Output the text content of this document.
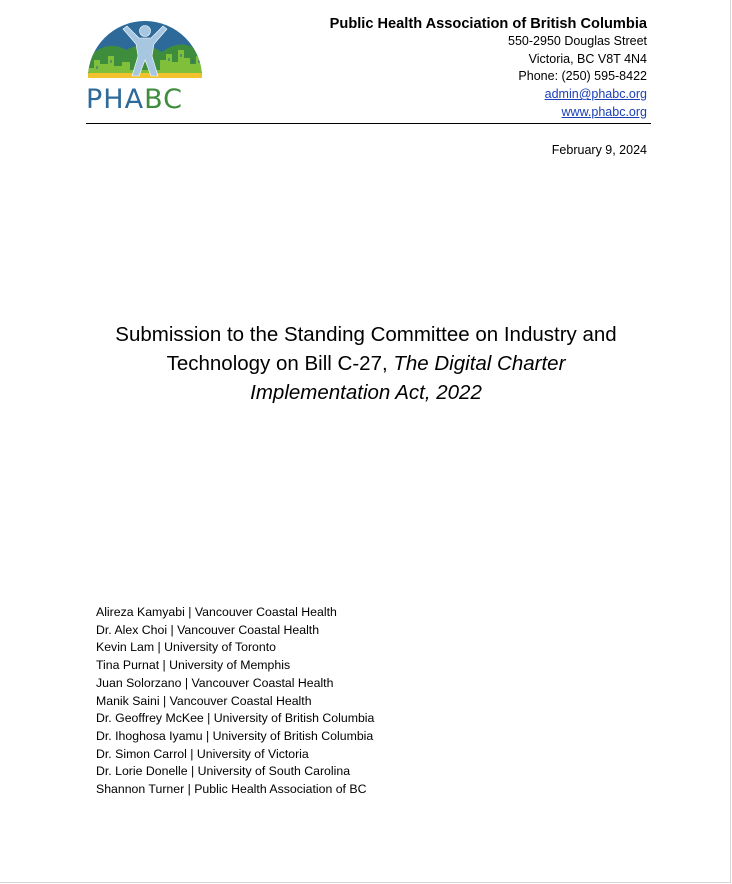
PHABC
Public Health Association of British Columbia
550-2950 Douglas Street
Victoria, BC V8T 4N4
Phone: (250) 595-8422
admin@phabc.org
www.phabc.org
February 9, 2024
Submission to the Standing Committee on Industry and
Technology on Bill C-27, The Digital Charter
Implementation Act, 2022
Alireza Kamyabi | Vancouver Coastal Health
Dr. Alex Choi | Vancouver Coastal Health
Kevin Lam | University of Toronto
Tina Purnat | University of Memphis
Juan Solorzano | Vancouver Coastal Health
Manik Saini | Vancouver Coastal Health
Dr. Geoffrey McKee | University of British Columbia
Dr. Ihoghosa Iyamu | University of British Columbia
Dr. Simon Carrol | University of Victoria
Dr. Lorie Donelle | University of South Carolina
Shannon Turner | Public Health Association of BC
